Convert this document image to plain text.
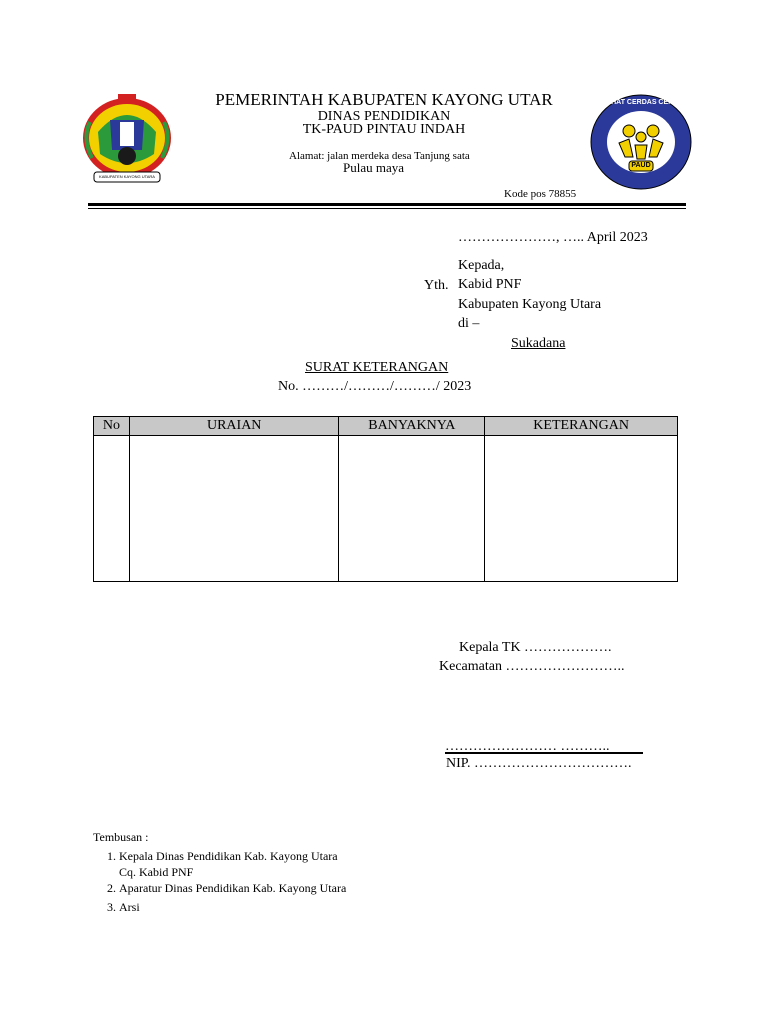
KABUPATEN KAYONG UTARA
SEHAT CERDAS CERIA
PAUD
PEMERINTAH KABUPATEN KAYONG UTAR
DINAS PENDIDIKAN
TK-PAUD PINTAU INDAH
Alamat: jalan merdeka desa Tanjung sata
Pulau maya
Kode pos 78855
…………………, ….. April 2023
Kepada,
Yth. Kabid PNF
Kabupaten Kayong Utara
di –
Sukadana
SURAT KETERANGAN
No. ………/………/………/ 2023
No	URAIAN	BANYAKNYA	KETERANGAN

Kepala TK ……………….
Kecamatan ……………………..
…………………… ………..
NIP. …………………………….
Tembusan :
1. Kepala Dinas Pendidikan Kab. Kayong Utara
Cq. Kabid PNF
2. Aparatur Dinas Pendidikan Kab. Kayong Utara
3. Arsi
